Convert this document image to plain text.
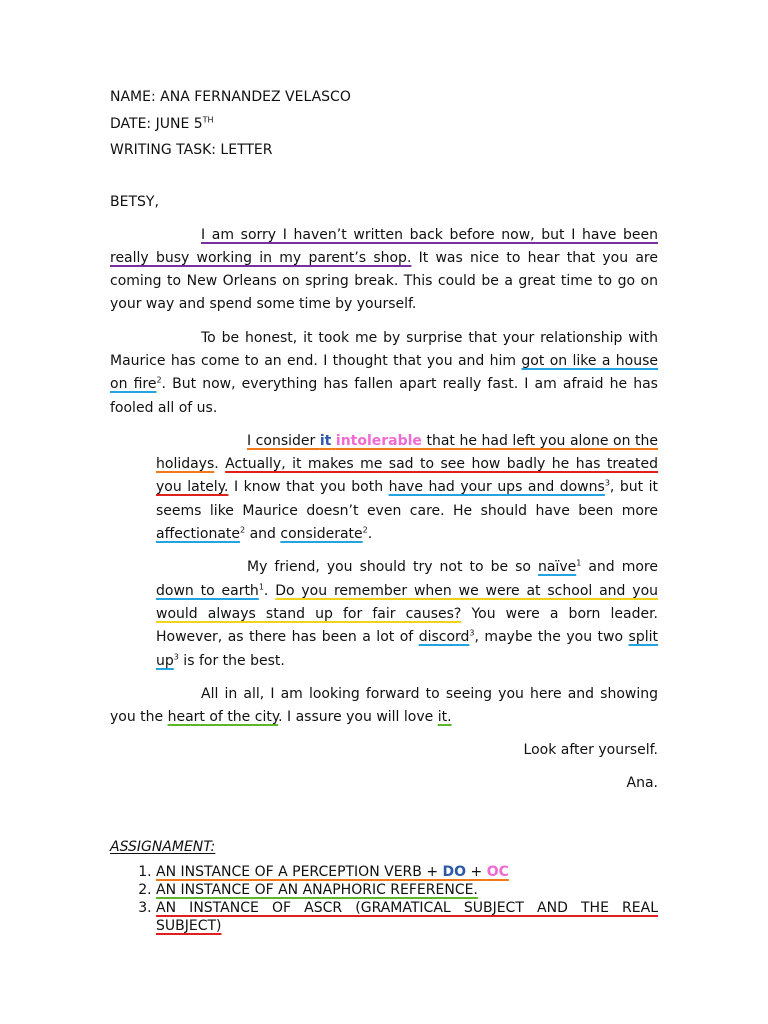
NAME: ANA FERNANDEZ VELASCO

DATE: JUNE 5TH

WRITING TASK: LETTER

BETSY,

I am sorry I haven’t written back before now, but I have been really busy working in my parent’s shop. It was nice to hear that you are coming to New Orleans on spring break. This could be a great time to go on your way and spend some time by yourself.

To be honest, it took me by surprise that your relationship with Maurice has come to an end. I thought that you and him got on like a house on fire$^2$. But now, everything has fallen apart really fast. I am afraid he has fooled all of us.

I consider it intolerable that he had left you alone on the holidays. Actually, it makes me sad to see how badly he has treated you lately. I know that you both have had your ups and downs$^3$, but it seems like Maurice doesn’t even care. He should have been more affectionate$^2$ and considerate$^2$.

My friend, you should try not to be so naïve$^1$ and more down to earth$^1$. Do you remember when we were at school and you would always stand up for fair causes? You were a born leader. However, as there has been a lot of discord$^3$, maybe the you two split $up^3$ is for the best.

All in all, I am looking forward to seeing you here and showing you the heart of the city. I assure you will love it.

Look after yourself.

Ana.

ASSIGNAMENT:
1. AN INSTANCE OF A PERCEPTION VERB + DO + OC
2. AN INSTANCE OF AN ANAPHORIC REFERENCE.
3. AN INSTANCE OF ASCR (GRAMATICAL SUBJECT AND THE REAL SUBJECT)
